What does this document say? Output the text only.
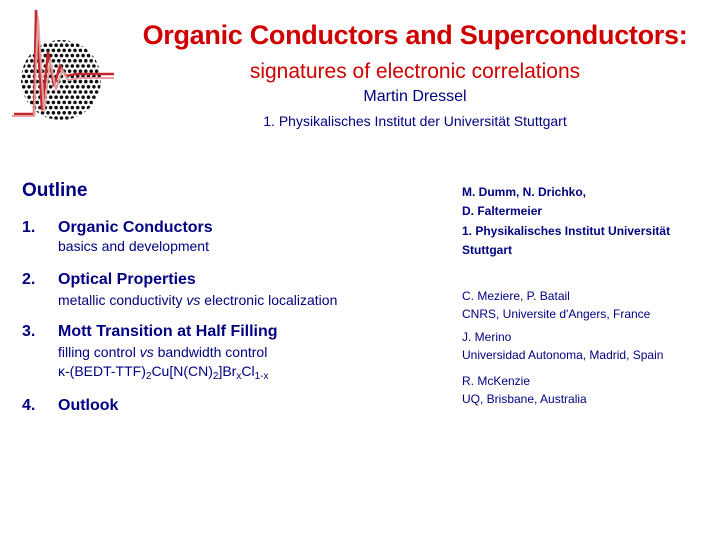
Organic Conductors and Superconductors:
signatures of electronic correlations
Martin Dressel
1. Physikalisches Institut der Universität Stuttgart
Outline
1. Organic Conductors
basics and development
2. Optical Properties
metallic conductivity vs electronic localization
3. Mott Transition at Half Filling
filling control vs bandwidth control
$\kappa-(BEDT-TTF)_2Cu[N(CN)_2]Br_xCl_{1-x}$
4. Outlook
M. Dumm, N. Drichko,
D. Faltermeier
1. Physikalisches Institut Universität
Stuttgart
C. Meziere, P. Batail
CNRS, Universite d'Angers, France
J. Merino
Universidad Autonoma, Madrid, Spain
R. McKenzie
UQ, Brisbane, Australia
